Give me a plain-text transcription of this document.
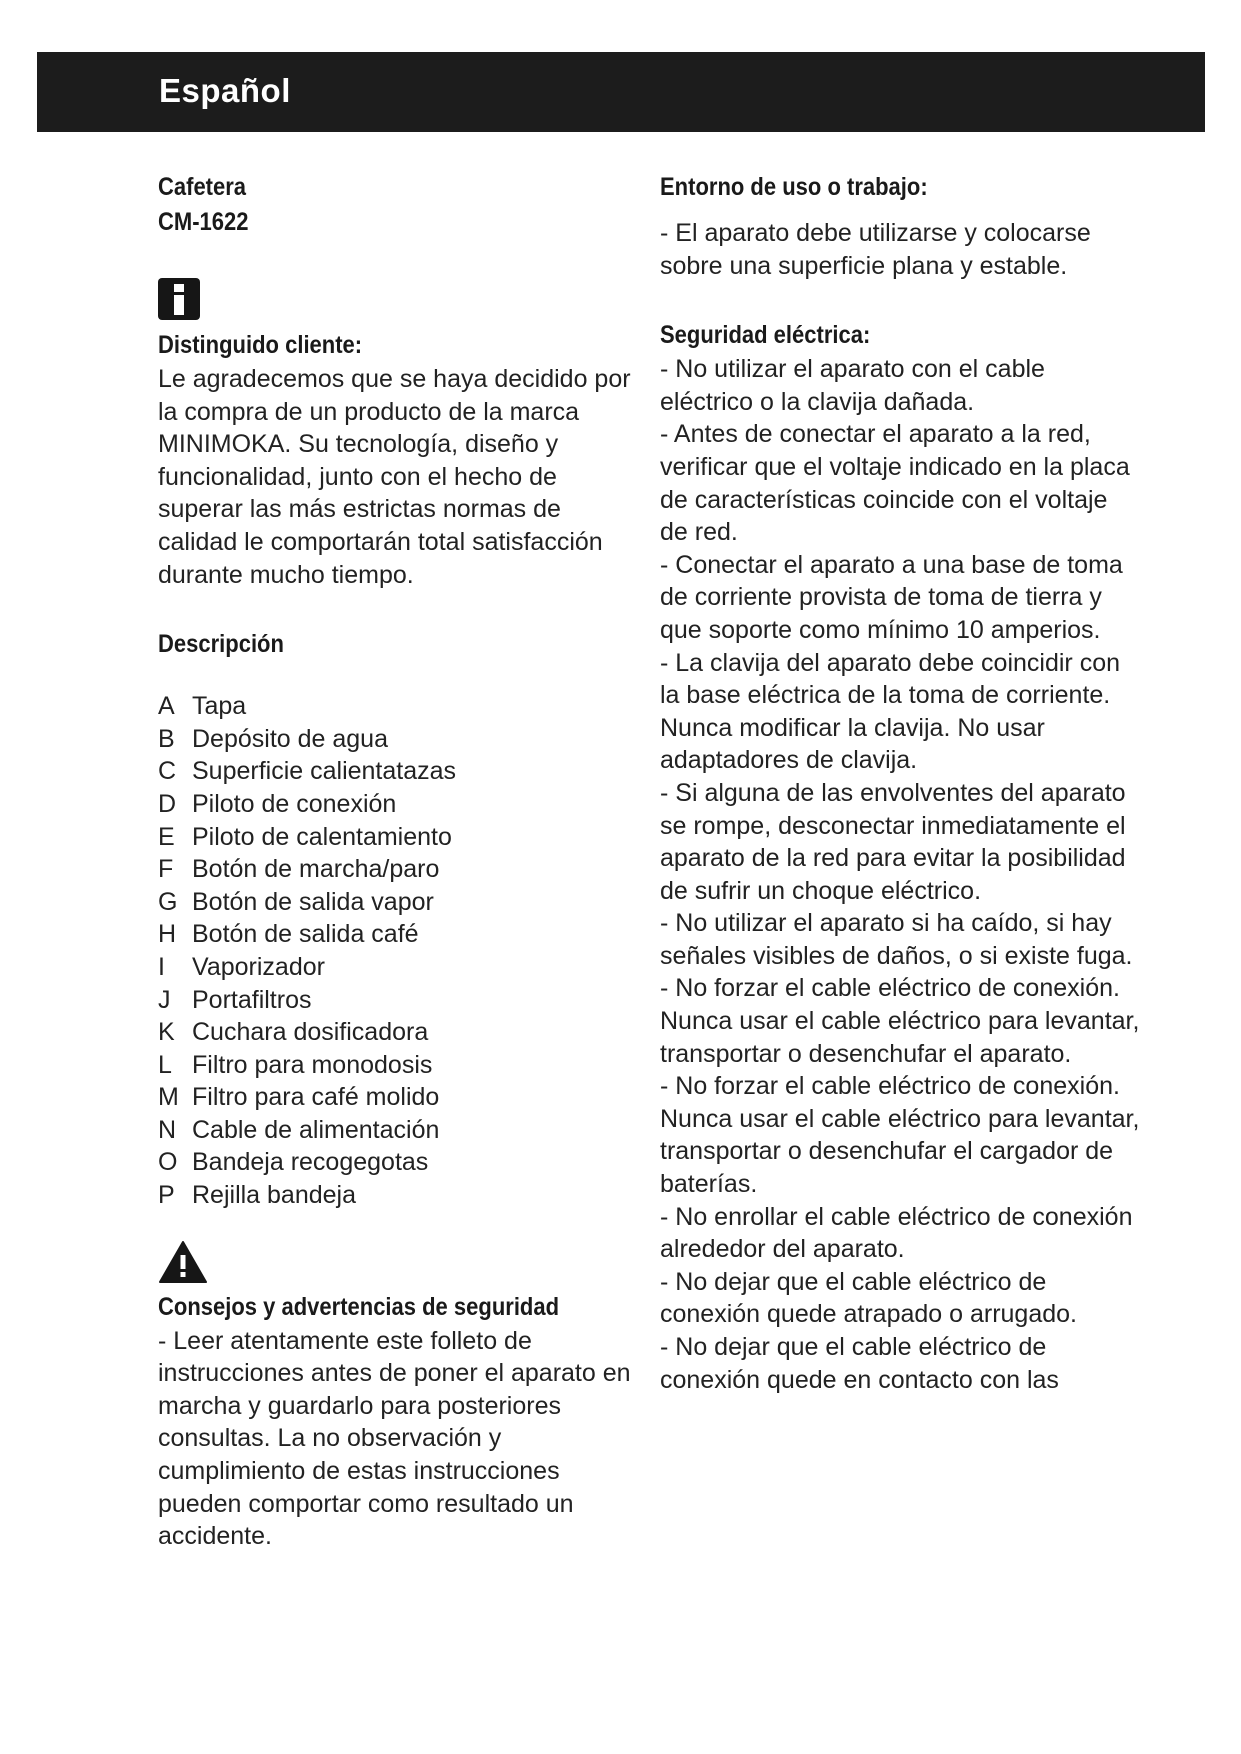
Español
Cafetera
CM-1622
Distinguido cliente:
Le agradecemos que se haya decidido por la compra de un producto de la marca MINIMOKA. Su tecnología, diseño y funcionalidad, junto con el hecho de superar las más estrictas normas de calidad le comportarán total satisfacción durante mucho tiempo.
Descripción
A Tapa
B Depósito de agua
C Superficie calientatazas
D Piloto de conexión
E Piloto de calentamiento
F Botón de marcha/paro
G Botón de salida vapor
H Botón de salida café
I Vaporizador
J Portafiltros
K Cuchara dosificadora
L Filtro para monodosis
M Filtro para café molido
N Cable de alimentación
O Bandeja recogegotas
P Rejilla bandeja
Consejos y advertencias de seguridad
- Leer atentamente este folleto de instrucciones antes de poner el aparato en marcha y guardarlo para posteriores consultas. La no observación y cumplimiento de estas instrucciones pueden comportar como resultado un accidente.
Entorno de uso o trabajo:
- El aparato debe utilizarse y colocarse sobre una superficie plana y estable.
Seguridad eléctrica:

- No utilizar el aparato con el cable eléctrico o la clavija dañada.

- Antes de conectar el aparato a la red, verificar que el voltaje indicado en la placa de características coincide con el voltaje de red.

- Conectar el aparato a una base de toma de corriente provista de toma de tierra y que soporte como mínimo 10 amperios.

- La clavija del aparato debe coincidir con la base eléctrica de la toma de corriente. Nunca modificar la clavija. No usar adaptadores de clavija.

- Si alguna de las envolventes del aparato se rompe, desconectar inmediatamente el aparato de la red para evitar la posibilidad de sufrir un choque eléctrico.

- No utilizar el aparato si ha caído, si hay señales visibles de daños, o si existe fuga.

- No forzar el cable eléctrico de conexión. Nunca usar el cable eléctrico para levantar, transportar o desenchufar el aparato.

- No forzar el cable eléctrico de conexión. Nunca usar el cable eléctrico para levantar, transportar o desenchufar el cargador de baterías.

- No enrollar el cable eléctrico de conexión alrededor del aparato.

- No dejar que el cable eléctrico de conexión quede atrapado o arrugado.

- No dejar que el cable eléctrico de conexión quede en contacto con las
